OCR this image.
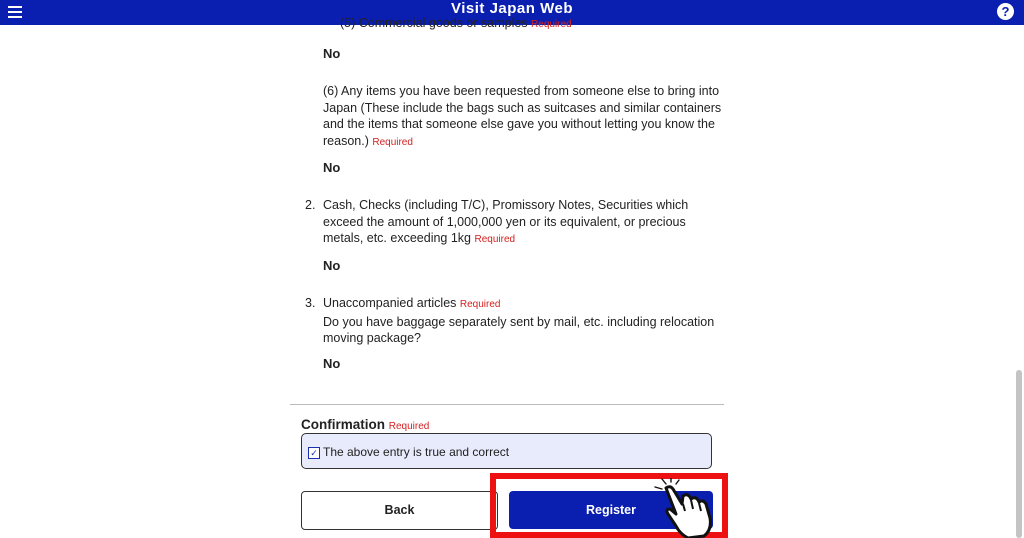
Visit Japan Web	?
(5) Commercial goods or samples Required
No
(6) Any items you have been requested from someone else to bring into
Japan (These include the bags such as suitcases and similar containers
and the items that someone else gave you without letting you know the
reason.) Required
No
2. Cash, Checks (including T/C), Promissory Notes, Securities which
exceed the amount of 1,000,000 yen or its equivalent, or precious
metals, etc. exceeding 1kg Required
No
3. Unaccompanied articles Required
Do you have baggage separately sent by mail, etc. including relocation
moving package?
No
Confirmation Required
✓ The above entry is true and correct
Back	Register
